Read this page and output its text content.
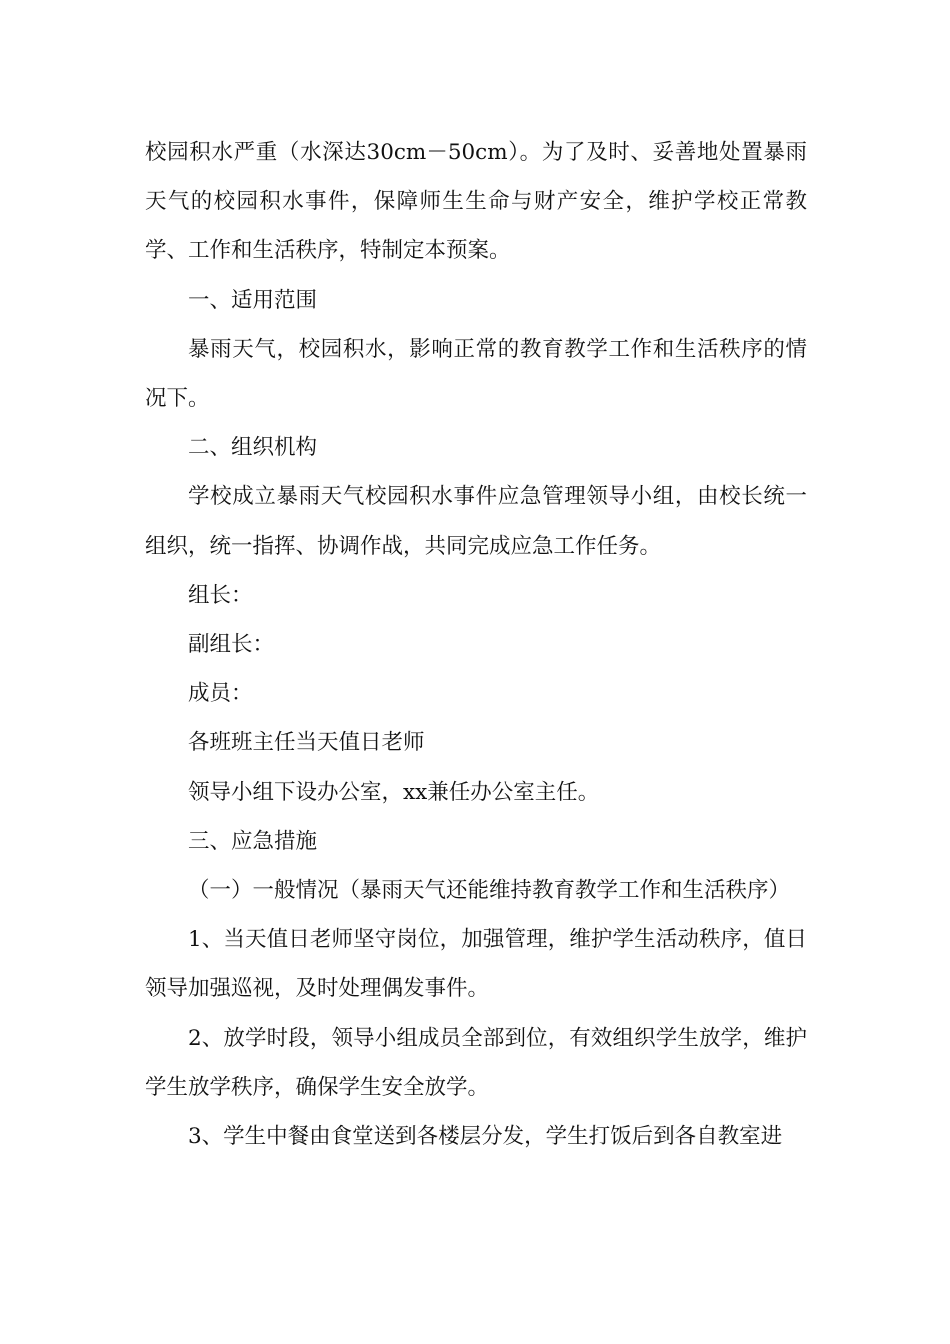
校园积水严重（水深达30cm－50cm）。为了及时、妥善地处置暴雨天气的校园积水事件，保障师生生命与财产安全，维护学校正常教学、工作和生活秩序，特制定本预案。

一、适用范围

暴雨天气，校园积水，影响正常的教育教学工作和生活秩序的情况下。

二、组织机构

学校成立暴雨天气校园积水事件应急管理领导小组，由校长统一组织，统一指挥、协调作战，共同完成应急工作任务。

组长：

副组长：

成员：

各班班主任当天值日老师

领导小组下设办公室，xx兼任办公室主任。

三、应急措施

（一）一般情况（暴雨天气还能维持教育教学工作和生活秩序）

1、当天值日老师坚守岗位，加强管理，维护学生活动秩序，值日领导加强巡视，及时处理偶发事件。

2、放学时段，领导小组成员全部到位，有效组织学生放学，维护学生放学秩序，确保学生安全放学。

3、学生中餐由食堂送到各楼层分发，学生打饭后到各自教室进
